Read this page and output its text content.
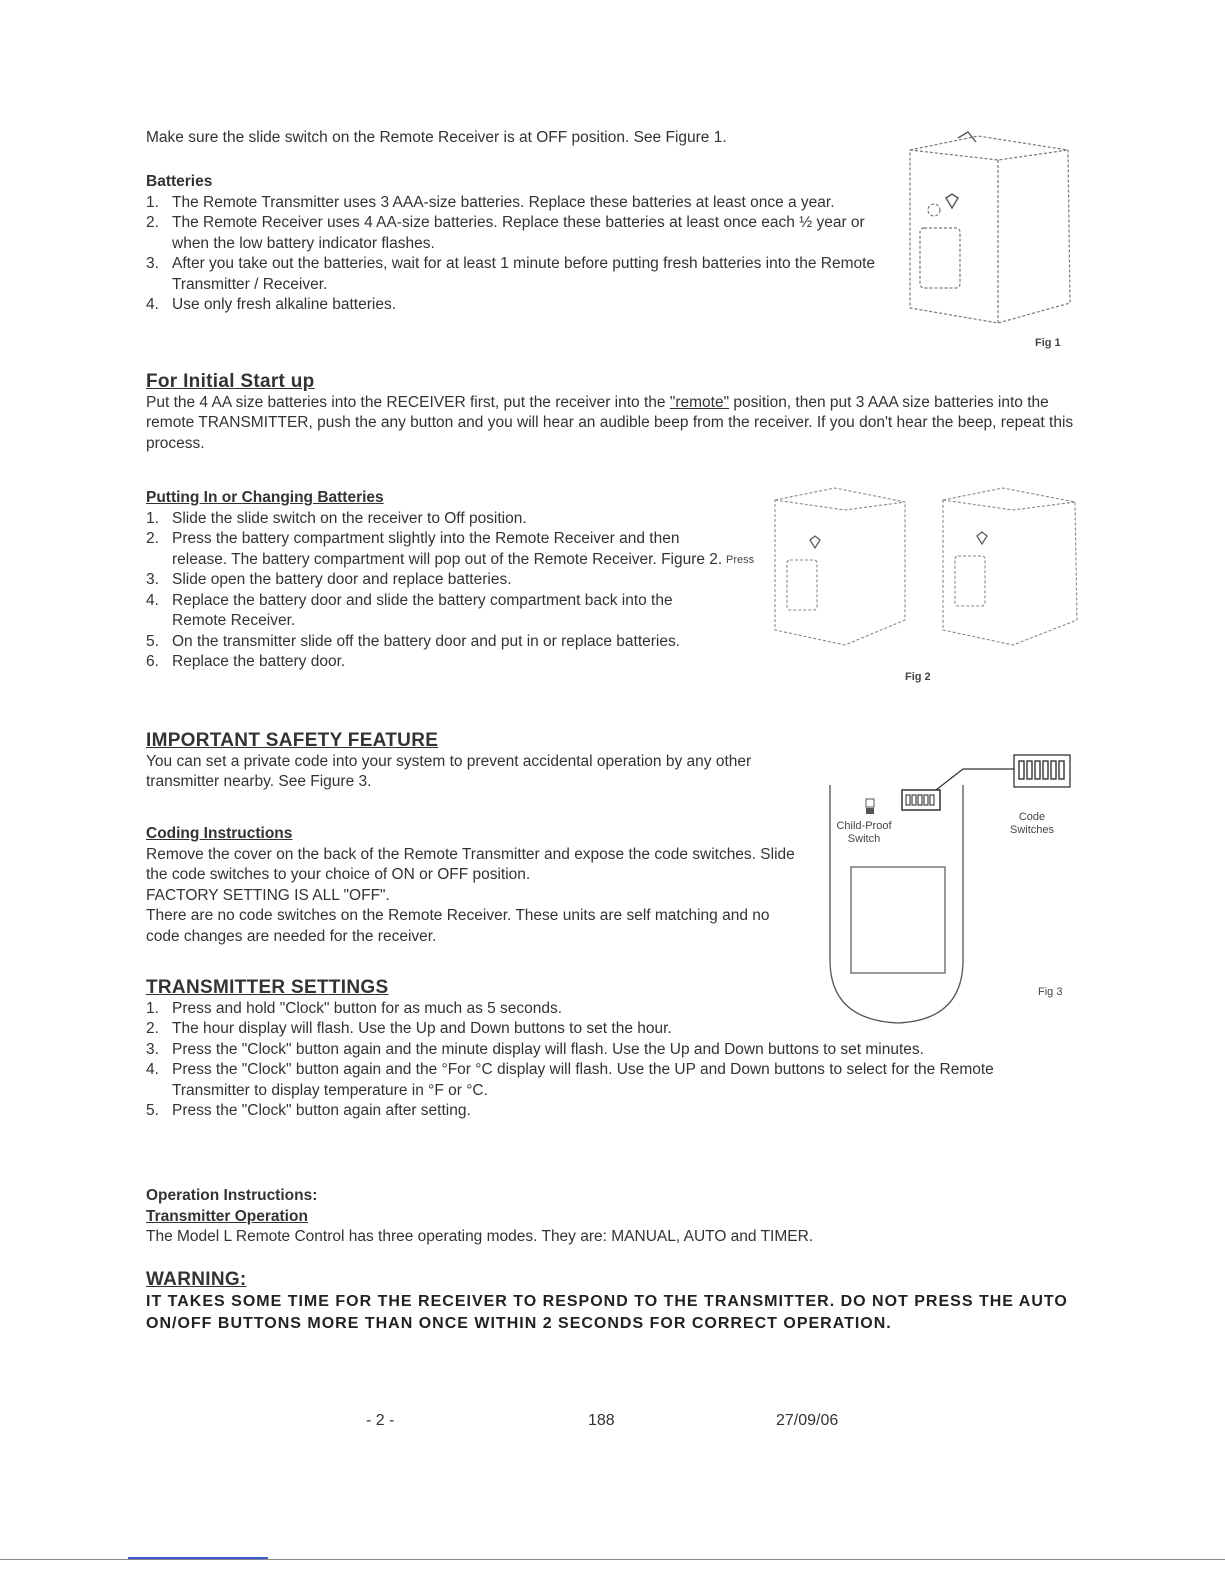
Make sure the slide switch on the Remote Receiver is at OFF position. See Figure 1.
Batteries
1. The Remote Transmitter uses 3 AAA-size batteries. Replace these batteries at least once a year.
2. The Remote Receiver uses 4 AA-size batteries. Replace these batteries at least once each ½ year or when the low battery indicator flashes.
3. After you take out the batteries, wait for at least 1 minute before putting fresh batteries into the Remote Transmitter / Receiver.
4. Use only fresh alkaline batteries.
Fig 1
For Initial Start up
Put the 4 AA size batteries into the RECEIVER first, put the receiver into the "remote" position, then put 3 AAA size batteries into the remote TRANSMITTER, push the any button and you will hear an audible beep from the receiver. If you don't hear the beep, repeat this process.
Putting In or Changing Batteries
1. Slide the slide switch on the receiver to Off position.
2. Press the battery compartment slightly into the Remote Receiver and then release. The battery compartment will pop out of the Remote Receiver. Figure 2.
3. Slide open the battery door and replace batteries.
4. Replace the battery door and slide the battery compartment back into the Remote Receiver.
5. On the transmitter slide off the battery door and put in or replace batteries.
6. Replace the battery door.
Press
Fig 2
IMPORTANT SAFETY FEATURE
You can set a private code into your system to prevent accidental operation by any other transmitter nearby. See Figure 3.
Coding Instructions
Remove the cover on the back of the Remote Transmitter and expose the code switches. Slide the code switches to your choice of ON or OFF position.
FACTORY SETTING IS ALL "OFF".
There are no code switches on the Remote Receiver. These units are self matching and no code changes are needed for the receiver.
Child-Proof Switch
Code Switches
Fig 3
TRANSMITTER SETTINGS
1. Press and hold "Clock" button for as much as 5 seconds.
2. The hour display will flash. Use the Up and Down buttons to set the hour.
3. Press the "Clock" button again and the minute display will flash. Use the Up and Down buttons to set minutes.
4. Press the "Clock" button again and the °For °C display will flash. Use the UP and Down buttons to select for the Remote Transmitter to display temperature in °F or °C.
5. Press the "Clock" button again after setting.
Operation Instructions:
Transmitter Operation
The Model L Remote Control has three operating modes. They are: MANUAL, AUTO and TIMER.
WARNING:
IT TAKES SOME TIME FOR THE RECEIVER TO RESPOND TO THE TRANSMITTER. DO NOT PRESS THE AUTO ON/OFF BUTTONS MORE THAN ONCE WITHIN 2 SECONDS FOR CORRECT OPERATION.
- 2 -	188	27/09/06
